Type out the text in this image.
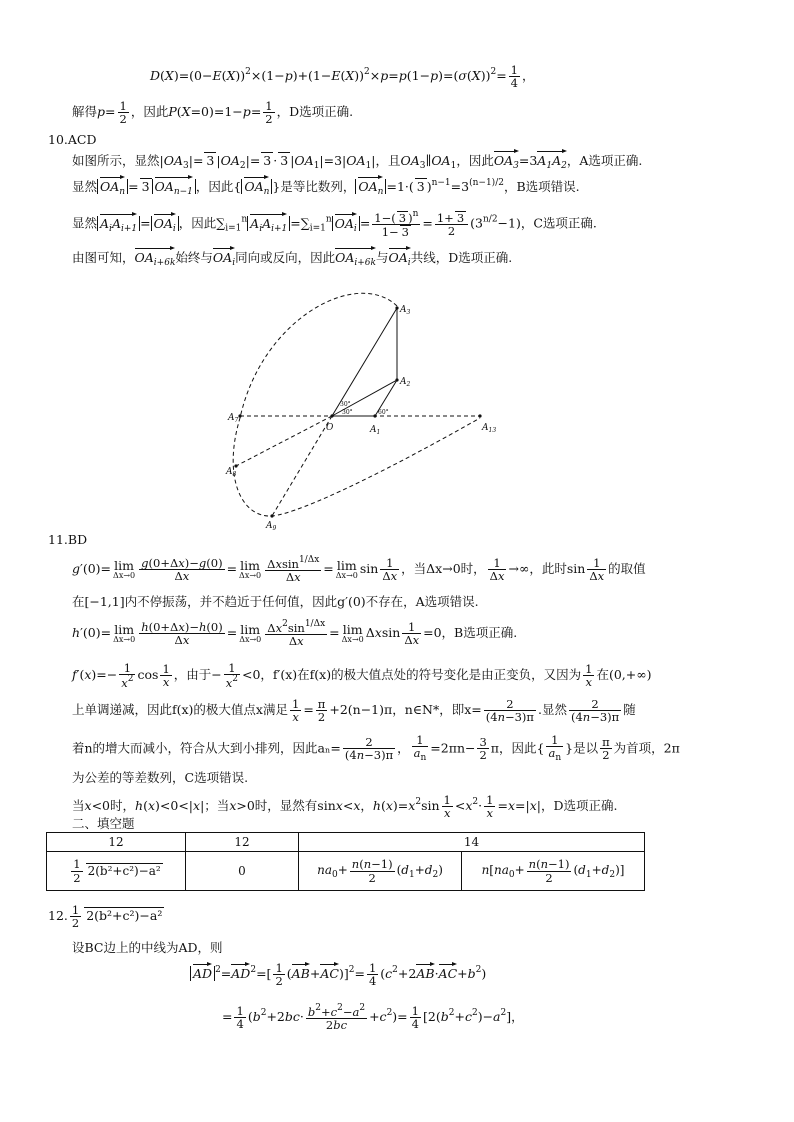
$D(X)=(0-E(X))^2\times(1-p)+(1-E(X))^2\times p=p(1-p)=(\sigma(X))^2= \frac{1}{4}$ ，
解得$p= \frac{1}{2}$ ，因此$P(X=0)=1-p= \frac{1}{2}$ ，D选项正确.
10.ACD
如图所示，显然$|OA_3|= 3$ $|OA_2|= 3 \cdot 3$ $|OA_1|=3|OA_1|$，且$OA_3\parallel OA_1$，因此$OA_3=3A_1A_2$，A选项正确.
显然 $OA_n = 3$ $OA_{n-1}$ ，因此{ $OA_n$ }是等比数列， $OA_n =1\cdot$( 3 )$^{n-1}=3^{(n-1)/2}$，B选项错误.
显然 $A_iA_{i+1} = OA_i$ ，因此$\sum_{i=1}^n$ $A_iA_{i+1} =\sum_{i=1}^n$ $OA_i = \frac{1-( 3 )^n}{1- 3} = \frac{1+ 3}{2} (3^{n/2}-1)$，C选项正确.
由图可知，$OA_{i+6k}$始终与$OA_i$同向或反向，因此$OA_{i+6k}$与$OA_i$共线，D选项正确.
$A_3$
$A_2$
$A_1$
O
$A_7$
$A_{13}$
$A_8$
$A_9$
30°
30°	60°
11.BD
g′(0)= lim
$\Delta x\to 0 \frac{g(0+\Delta x)-g(0)}{\Delta x} = \lim$
$\Delta x\to 0 \frac{\Delta xsin^{1/\Delta x}}{\Delta x} = \lim$
Δx→0 $\sin \frac{1}{\Delta x}$ ，当Δx→0时， $\frac{1}{\Delta x}$ →∞，此时$\sin \frac{1}{\Delta x}$ 的取值
在[−1,1]内不停振荡，并不趋近于任何值，因此g′(0)不存在，A选项错误.
h′(0)= lim
$\Delta x\to 0 \frac{h(0+\Delta x)-h(0)}{\Delta x} = \lim$
$\Delta x\to 0 \frac{\Delta x^2\sin^{1/\Delta x}}{\Delta x} = \lim$
Δx→0 Δxsin $\frac{1}{\Delta x} =0$，B选项正确.
$f'(x)=- \frac{1}{x^2}$ $\cos \frac{1}{x}$ ，由于− $\frac{1}{x^2} <0$，f′(x)在f(x)的极大值点处的符号变化是由正变负，又因为 $\frac{1}{x}$ 在(0,+∞)
上单调递减，因此f(x)的极大值点x满足 $\frac{1}{x} = \frac{\pi}{2} +2(n-1)\pi$，n∈N*，即$x= \frac{2}{(4n-3)\pi}$ .显然 $\frac{2}{(4n-3)\pi}$ 随
着n的增大而减小，符合从大到小排列，因此$a_n= \frac{2}{(4n-3)\pi}$ ， $\frac{1}{a_n} =2\pi n- \frac{3}{2}$ π，因此{ $\frac{1}{a_n}$ }是以 $\frac{\pi}{2}$ 为首项，2π
为公差的等差数列，C选项错误.
当x<0时，h(x)<0<|x|；当x>0时，显然有sinx<x，$h(x)=x^2\sin \frac{1}{x} <x^2\cdot \frac{1}{x} =x=|x|$，D选项正确.
二、填空题
12	12	14	

$\frac{1}{2} 2(b^2+c^2)-a^2$	0	$na_0+ \frac{n(n-1)}{2} (d_1+d_2)$	$n[na_0+ \frac{n(n-1)}{2} (d_1+d_2)]$
12. $\frac{1}{2} 2(b^2+c^2)-a^2$
设BC边上的中线为AD，则
AD $^2=AD^2=[ \frac{1}{2} (AB+AC)]^2= \frac{1}{4} (c^2+2AB\cdot AC+b^2)$
= $\frac{1}{4} (b^2+2bc\cdot \frac{b^2+c^2-a^2}{2bc} +c^2)= \frac{1}{4} [2(b^2+c^2)-a^2]$，
